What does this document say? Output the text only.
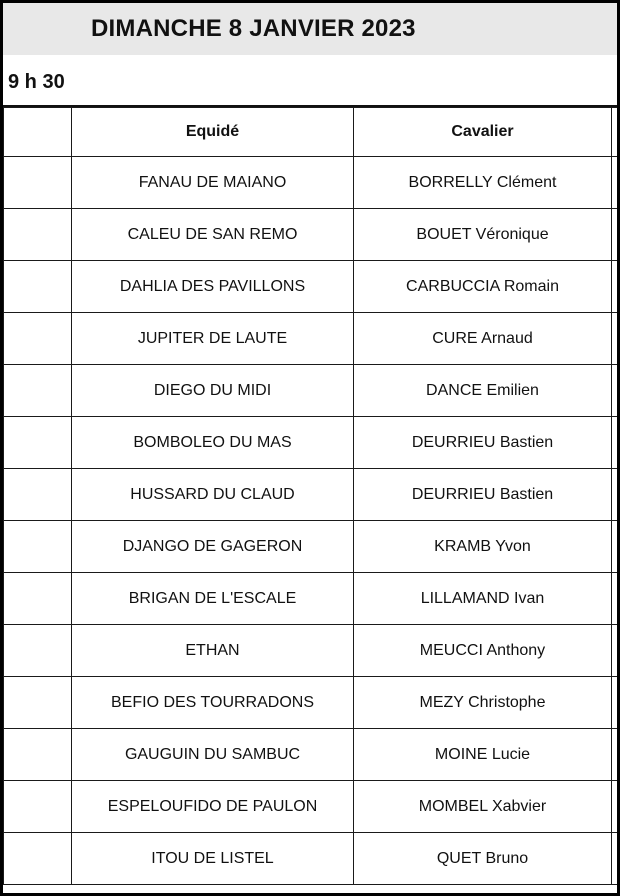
DIMANCHE 8 JANVIER 2023
9 h 30
	Equidé	Cavalier	
	FANAU DE MAIANO	BORRELLY Clément	
	CALEU DE SAN REMO	BOUET Véronique	
	DAHLIA DES PAVILLONS	CARBUCCIA Romain	
	JUPITER DE LAUTE	CURE Arnaud	
	DIEGO DU MIDI	DANCE Emilien	
	BOMBOLEO DU MAS	DEURRIEU Bastien	
	HUSSARD DU CLAUD	DEURRIEU Bastien	
	DJANGO DE GAGERON	KRAMB Yvon	
	BRIGAN DE L'ESCALE	LILLAMAND Ivan	
	ETHAN	MEUCCI Anthony	
	BEFIO DES TOURRADONS	MEZY Christophe	
	GAUGUIN DU SAMBUC	MOINE Lucie	
	ESPELOUFIDO DE PAULON	MOMBEL Xabvier	
	ITOU DE LISTEL	QUET Bruno	
